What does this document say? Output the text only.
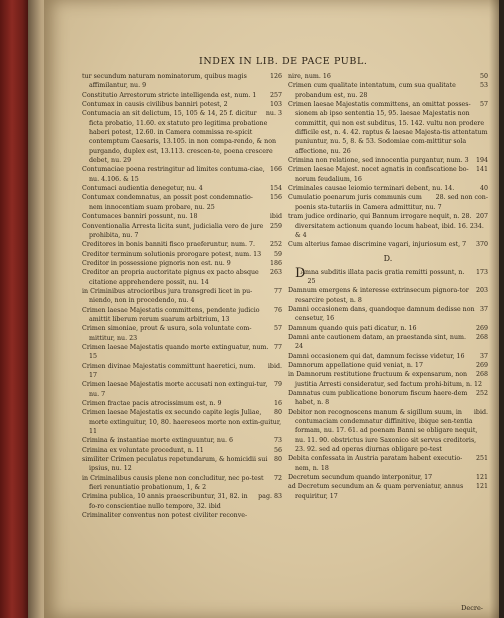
INDEX IN LIB. DE PACE PUBL.
126
tur secundum naturam nominatorum, quibus magis affimilantur, nu. 9
257
Constitutio Arrestorum stricte intelligenda est, num. 1
103
Contumax in causis civilibus banniri potest, 2
nu. 3
Contumacia an sit delictum, 15, 105 & 14, 25 f. dicitur ficta probatio, 11.60. ex statuto pro legitima probatione haberi potest, 12.60. in Camera commissa re-spicit contemptum Caesaris, 13.105. in non compa-rendo, & non purgando, duplex est, 13.113. crescen-te, poena crescere debet, nu. 29
166
Contumaciae poena restringitur ad limites contuma-ciae, nu. 4.106. & 15
154
Contumaci audientia denegetur, nu. 4
156
Contumax condemnatus, an possit post condemnatio-nem innocentiam suam probare, nu. 25
ibid
Contumaces banniri possunt, nu. 18
259
Conventionalia Arresta licita sunt, judicialia vero de jure prohibita, nu. 7
252
Creditores in bonis banniti fisco praeferuntur, num. 7.
59
Creditor terminum solutionis prorogare potest, num. 13
186
Creditor in possessione pignoris non est. nu. 9
263
Creditor an propria auctoritate pignus ex pacto absque citatione apprehendere possit, nu. 14
77
in Criminibus atrocioribus jura transgredi licet in pu-niendo, non in procedendo, nu. 4
76
Crimen laesae Majestatis committens, pendente judicio amittit liberum rerum suarum arbitrium, 13
57
Crimen simoniae, prout & usura, sola voluntate com-mittitur, nu. 23
77
Crimen laesae Majestatis quando morte extinguatur, num. 15
ibid.
Crimen divinae Majestatis committunt haeretici, num. 17
79
Crimen laesae Majestatis morte accusati non extingui-tur, nu. 7
16
Crimen fractae pacis atrocissimum est, n. 9
80
Crimen laesae Majestatis ex secundo capite legis Juliae, morte extinguitur, 10, 80. haereseos morte non extin-guitur, 11
73
Crimina & instantiae morte extinguuntur, nu. 6
56
Crimina ex voluntate procedunt, n. 11
80
similiter Crimen peculatus repetundarum, & homicidii sui ipsius, nu. 12
72
in Criminalibus causis plene non concluditur, nec po-test fieri renuntiatio probationum, 1, & 2
pag. 83
Crimina publica, 10 annis praescribuntur, 31, 82. in fo-ro conscientiae nullo tempore, 32. ibid
Criminaliter conventus non potest civiliter reconve-
50
nire, num. 16
53
Crimen cum qualitate intentatum, cum sua qualitate probandum est, nu. 28
57
Crimen laesae Majestatis committens, an omittat posses-sionem ab ipso sententia 15, 95. laesae Majestatis non committit, qui non est subditus, 15. 142. vultu non prodere difficile est, n. 4. 42. raptus & laesae Majesta-tis attentatum puniuntur, nu. 5, 8. & 53. Sodomiae com-mittitur sola affectione, nu. 26
194
Crimina non relatione, sed innocentia purgantur, num. 3
141
Crimen laesae Majest. nocet agnatis in confiscatione bo-norum feudalium, 16
40
Criminales causae leiomio terminari debent, nu. 14.
28. sed non con-
Cumulatio poenarum juris communis cum poenis sta-tutariis in Camera admittitur, nu. 7
207
tram judice ordinario, qui Bannum irrogare nequit, n. 28. diversitatem actionum quando locum habeat, ibid. 16. 234. & 4
370
Cum alterius famae discrimine vagari, injuriosum est, 7
D.
173
D
Amna subditis illata pacis gratia remitti possunt, n. 25
203
Damnum emergens & interesse extrinsecum pignora-tor resarcire potest, n. 8
37
Damni occasionem dans, quandoque damnum dedisse non censetur, 16
269
Damnum quando quis pati dicatur, n. 16
268
Damni ante cautionem datam, an praestanda sint, num. 24
37
Damni occasionem qui dat, damnum fecisse videtur, 16
269
Damnorum appellatione quid veniat, n. 17
268
in Damnorum restitutione fructuum & expensarum, non justitia Arresti consideratur, sed factum prohi-bitum, n. 12
252
Damnatus cum publicatione bonorum fiscum haere-dem habet, n. 8
ibid.
Debitor non recognoscens manum & sigillum suum, in contumaciam condemnatur diffinitive, ibique sen-tentia formam, nu. 17. 61. ad poenam Banni se obligare nequit, nu. 11. 90. obstrictus iure Saxonico sit servus creditoris, 23. 92. sed ad operas diurnas obligare po-test
251
Debita confessata in Austria paratam habent executio-nem, n. 18
121
Decretum secundum quando interponitur, 17
121
ad Decretum secundum an & quam perveniatur, annus requiritur, 17
Decre-
